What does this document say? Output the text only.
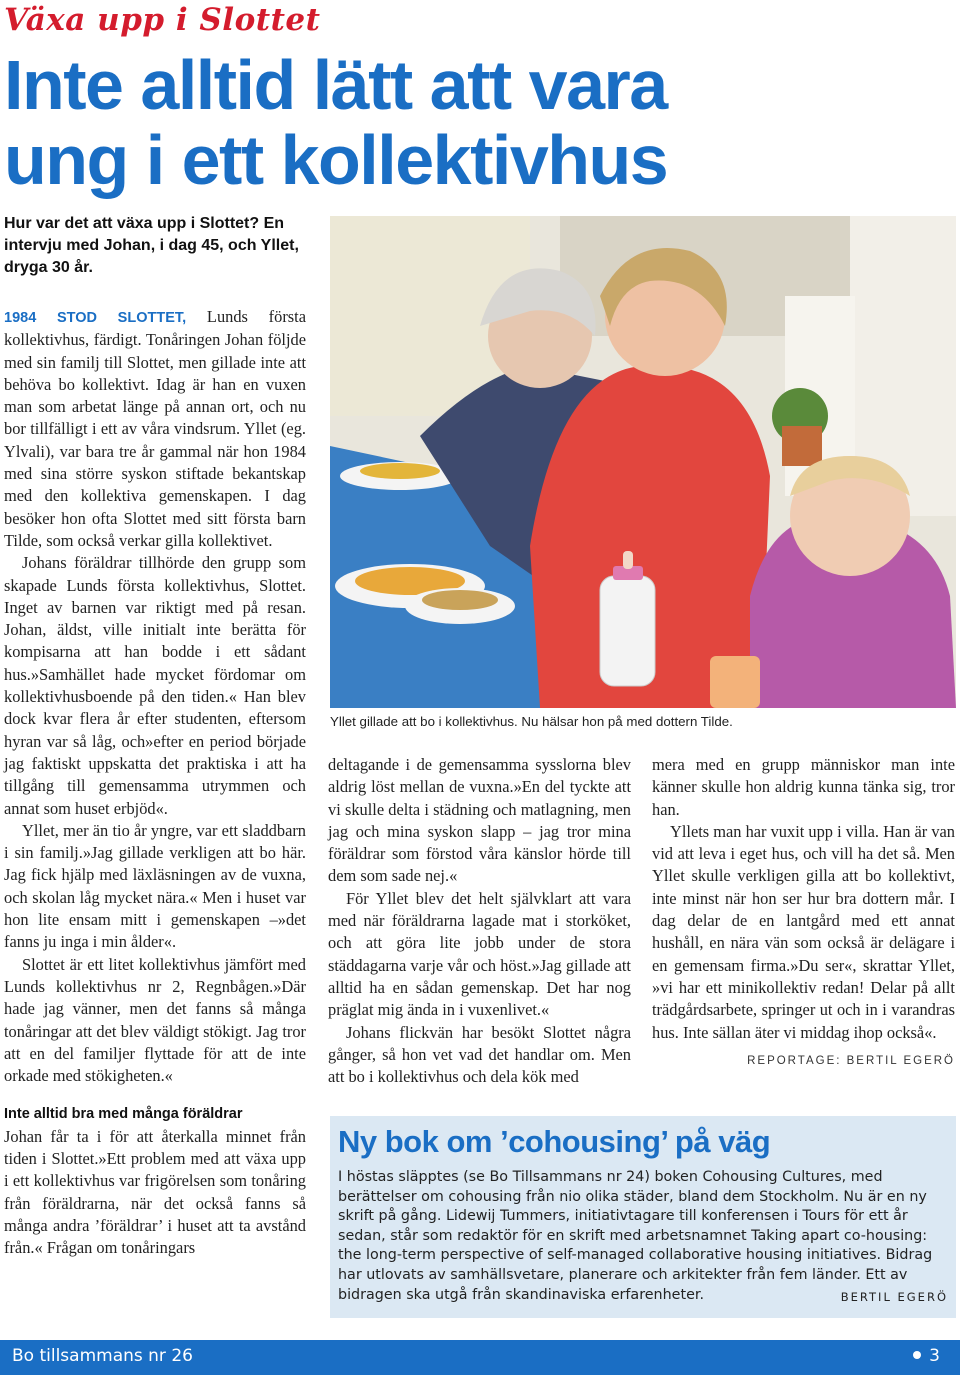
Växa upp i Slottet
Inte alltid lätt att vara
ung i ett kollektivhus
Hur var det att växa upp i Slottet? En intervju med Johan, i dag 45, och Yllet, dryga 30 år.

1984 STOD SLOTTET, Lunds första kollektivhus, färdigt. Tonåringen Johan följde med sin familj till Slottet, men gillade inte att behöva bo kollektivt. Idag är han en vuxen man som arbetat länge på annan ort, och nu bor tillfälligt i ett av våra vindsrum. Yllet (eg. Ylvali), var bara tre år gammal när hon 1984 med sina större syskon stiftade bekantskap med den kollektiva gemenskapen. I dag besöker hon ofta Slottet med sitt första barn Tilde, som också verkar gilla kollektivet.

Johans föräldrar tillhörde den grupp som skapade Lunds första kollektivhus, Slottet. Inget av barnen var riktigt med på resan. Johan, äldst, ville initialt inte berätta för kompisarna att han bodde i ett sådant hus.»Samhället hade mycket fördomar om kollektivhusboende på den tiden.« Han blev dock kvar flera år efter studenten, eftersom hyran var så låg, och»efter en period började jag faktiskt uppskatta det praktiska i att ha tillgång till gemensamma utrymmen och annat som huset erbjöd«.

Yllet, mer än tio år yngre, var ett sladdbarn i sin familj.»Jag gillade verkligen att bo här. Jag fick hjälp med läxläsningen av de vuxna, och skolan låg mycket nära.« Men i huset var hon lite ensam mitt i gemenskapen –»det fanns ju inga i min ålder«.

Slottet är ett litet kollektivhus jämfört med Lunds kollektivhus nr 2, Regnbågen.»Där hade jag vänner, men det fanns så många tonåringar att det blev väldigt stökigt. Jag tror att en del familjer flyttade för att de inte orkade med stökigheten.«

Inte alltid bra med många föräldrar

Johan får ta i för att återkalla minnet från tiden i Slottet.»Ett problem med att växa upp i ett kollektivhus var frigörelsen som tonåring från föräldrarna, när det också fanns så många andra ’föräldrar’ i huset att ta avstånd från.« Frågan om tonåringars

Yllet gillade att bo i kollektivhus. Nu hälsar hon på med dottern Tilde.

deltagande i de gemensamma sysslorna blev aldrig löst mellan de vuxna.»En del tyckte att vi skulle delta i städning och matlagning, men jag och mina syskon slapp – jag tror mina föräldrar som förstod våra känslor hörde till dem som sade nej.«

För Yllet blev det helt självklart att vara med när föräldrarna lagade mat i storköket, och att göra lite jobb under de stora städdagarna varje vår och höst.»Jag gillade att alltid ha en sådan gemenskap. Det har nog präglat mig ända in i vuxenlivet.«

Johans flickvän har besökt Slottet några gånger, så hon vet vad det handlar om. Men att bo i kollektivhus och dela kök med

mera med en grupp människor man inte känner skulle hon aldrig kunna tänka sig, tror han.

Yllets man har vuxit upp i villa. Han är van vid att leva i eget hus, och vill ha det så. Men Yllet skulle verkligen gilla att bo kollektivt, inte minst när hon ser hur bra dottern mår. I dag delar de en lantgård med ett annat hushåll, en nära vän som också är delägare i en gemensam firma.»Du ser«, skrattar Yllet, »vi har ett minikollektiv redan! Delar på allt trädgårdsarbete, springer ut och in i varandras hus. Inte sällan äter vi middag ihop också«.

REPORTAGE: BERTIL EGERÖ
Ny bok om ’cohousing’ på väg
I höstas släpptes (se Bo Tillsammans nr 24) boken Cohousing Cultures, med berättelser om cohousing från nio olika städer, bland dem Stockholm. Nu är en ny skrift på gång. Lidewij Tummers, initiativtagare till konferensen i Tours för ett år sedan, står som redaktör för en skrift med arbetsnamnet Taking apart co-housing: the long-term perspective of self-managed collaborative housing initiatives. Bidrag har utlovats av samhällsvetare, planerare och arkitekter från fem länder. Ett av bidragen ska utgå från skandinaviska erfarenheter.	BERTIL EGERÖ
Bo tillsammans nr 26	3
